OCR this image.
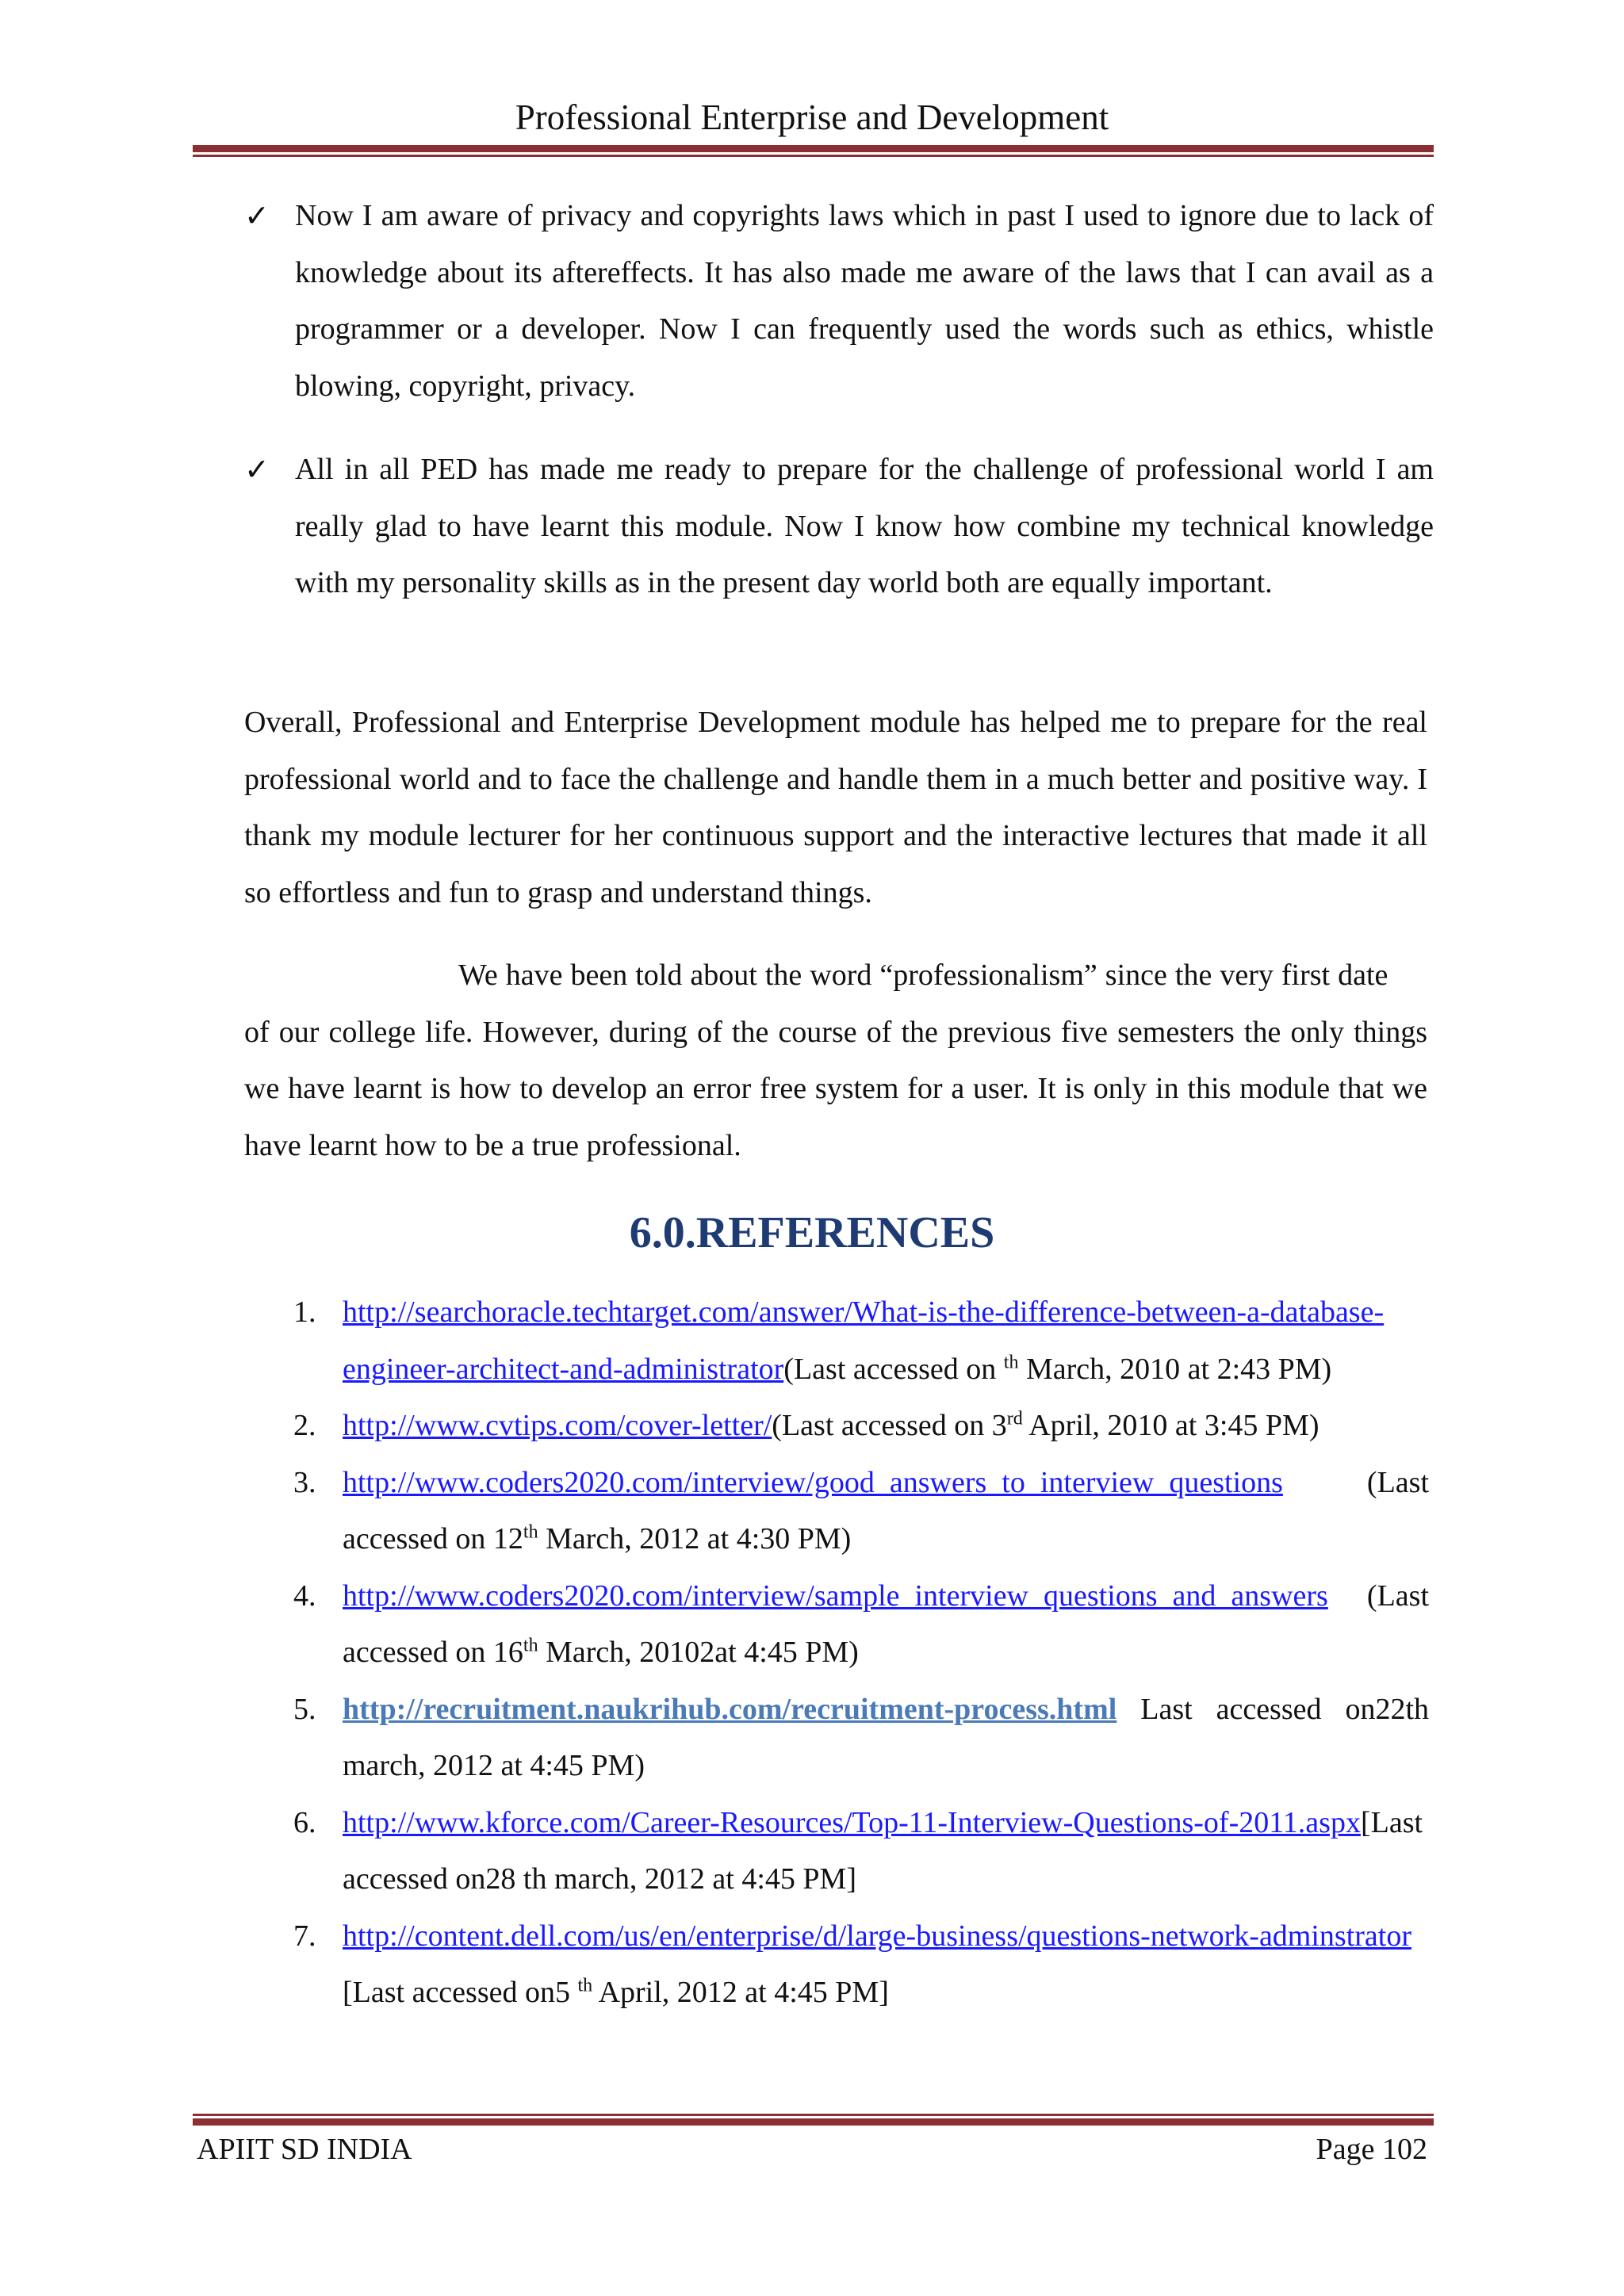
Professional Enterprise and Development
✓ Now I am aware of privacy and copyrights laws which in past I used to ignore due to lack of knowledge about its aftereffects. It has also made me aware of the laws that I can avail as a programmer or a developer. Now I can frequently used the words such as ethics, whistle blowing, copyright, privacy.
✓ All in all PED has made me ready to prepare for the challenge of professional world I am really glad to have learnt this module. Now I know how combine my technical knowledge with my personality skills as in the present day world both are equally important.
Overall, Professional and Enterprise Development module has helped me to prepare for the real professional world and to face the challenge and handle them in a much better and positive way. I thank my module lecturer for her continuous support and the interactive lectures that made it all so effortless and fun to grasp and understand things.
We have been told about the word “professionalism” since the very first date      of our college life. However, during of the course of the previous five semesters the only things we have learnt is how to develop an error free system for a user. It is only in this module that we have learnt how to be a true professional.
6.0.REFERENCES
1. http://searchoracle.techtarget.com/answer/What-is-the-difference-between-a-database-engineer-architect-and-administrator(Last accessed on $^{th}$ March, 2010 at 2:43 PM)
2. http://www.cvtips.com/cover-letter/(Last accessed on 3rd April, 2010 at 3:45 PM)
3. http://www.coders2020.com/interview/good_answers_to_interview_questions (Last accessed on 12th March, 2012 at 4:30 PM)
4. http://www.coders2020.com/interview/sample_interview_questions_and_answers (Last accessed on 16th March, 20102at 4:45 PM)
5. http://recruitment.naukrihub.com/recruitment-process.html Last accessed on22th march, 2012 at 4:45 PM)
6. http://www.kforce.com/Career-Resources/Top-11-Interview-Questions-of-2011.aspx[Last accessed on28 th march, 2012 at 4:45 PM]
7. http://content.dell.com/us/en/enterprise/d/large-business/questions-network-adminstrator [Last accessed on5 $^{th}$ April, 2012 at 4:45 PM]
APIIT SD INDIA	Page 102
